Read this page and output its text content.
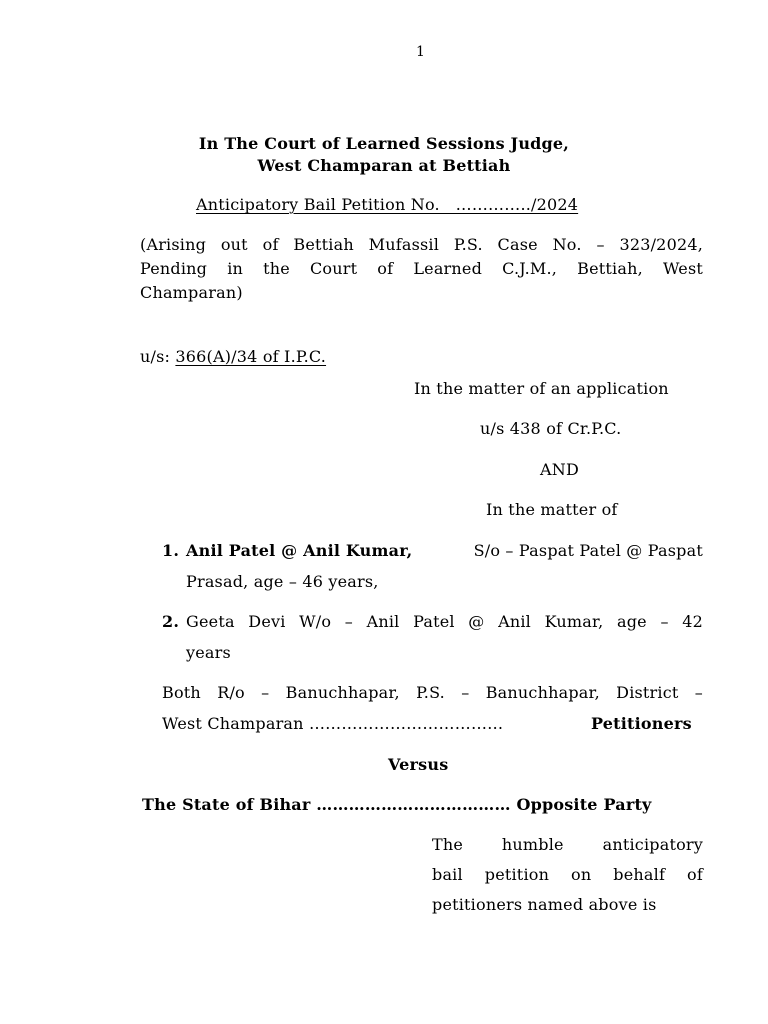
1
In The Court of Learned Sessions Judge,
West Champaran at Bettiah
Anticipatory Bail Petition No.   …………../2024
(Arising out of Bettiah Mufassil P.S. Case No. – 323/2024,
Pending in the Court of Learned C.J.M., Bettiah, West
Champaran)
u/s: 366(A)/34 of I.P.C.
In the matter of an application
u/s 438 of Cr.P.C.
AND
In the matter of
1. Anil Patel @ Anil Kumar,	S/o – Paspat Patel @ Paspat
Prasad, age – 46 years,
2. Geeta Devi W/o – Anil Patel @ Anil Kumar, age – 42
years
Both R/o – Banuchhapar, P.S. – Banuchhapar, District –
West Champaran ………………………………	Petitioners
Versus
The State of Bihar ……………………………… Opposite Party
The humble anticipatory
bail petition on behalf of
petitioners named above is
